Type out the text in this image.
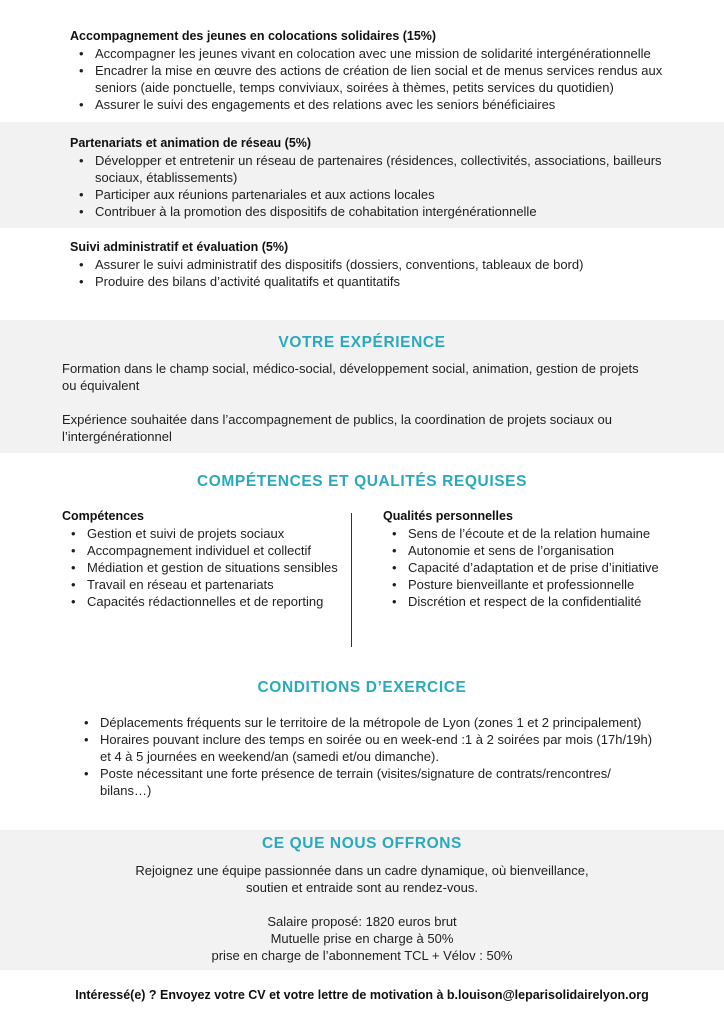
Accompagnement des jeunes en colocations solidaires (15%)
• Accompagner les jeunes vivant en colocation avec une mission de solidarité intergénérationnelle
• Encadrer la mise en œuvre des actions de création de lien social et de menus services rendus aux seniors (aide ponctuelle, temps conviviaux, soirées à thèmes, petits services du quotidien)
• Assurer le suivi des engagements et des relations avec les seniors bénéficiaires
Partenariats et animation de réseau (5%)
• Développer et entretenir un réseau de partenaires (résidences, collectivités, associations, bailleurs sociaux, établissements)
• Participer aux réunions partenariales et aux actions locales
• Contribuer à la promotion des dispositifs de cohabitation intergénérationnelle
Suivi administratif et évaluation (5%)
• Assurer le suivi administratif des dispositifs (dossiers, conventions, tableaux de bord)
• Produire des bilans d’activité qualitatifs et quantitatifs
VOTRE EXPÉRIENCE

Formation dans le champ social, médico-social, développement social, animation, gestion de projets ou équivalent

Expérience souhaitée dans l’accompagnement de publics, la coordination de projets sociaux ou l’intergénérationnel

COMPÉTENCES ET QUALITÉS REQUISES
Compétences
• Gestion et suivi de projets sociaux
• Accompagnement individuel et collectif
• Médiation et gestion de situations sensibles
• Travail en réseau et partenariats
• Capacités rédactionnelles et de reporting
Qualités personnelles
• Sens de l’écoute et de la relation humaine
• Autonomie et sens de l’organisation
• Capacité d’adaptation et de prise d’initiative
• Posture bienveillante et professionnelle
• Discrétion et respect de la confidentialité
CONDITIONS D’EXERCICE
• Déplacements fréquents sur le territoire de la métropole de Lyon (zones 1 et 2 principalement)
• Horaires pouvant inclure des temps en soirée ou en week-end :1 à 2 soirées par mois (17h/19h) et 4 à 5 journées en weekend/an (samedi et/ou dimanche).
• Poste nécessitant une forte présence de terrain (visites/signature de contrats/rencontres/ bilans…)
CE QUE NOUS OFFRONS
Rejoignez une équipe passionnée dans un cadre dynamique, où bienveillance,
soutien et entraide sont au rendez-vous.
Salaire proposé: 1820 euros brut
Mutuelle prise en charge à 50%
prise en charge de l’abonnement TCL + Vélov : 50%
Intéressé(e) ? Envoyez votre CV et votre lettre de motivation à b.louison@leparisolidairelyon.org
